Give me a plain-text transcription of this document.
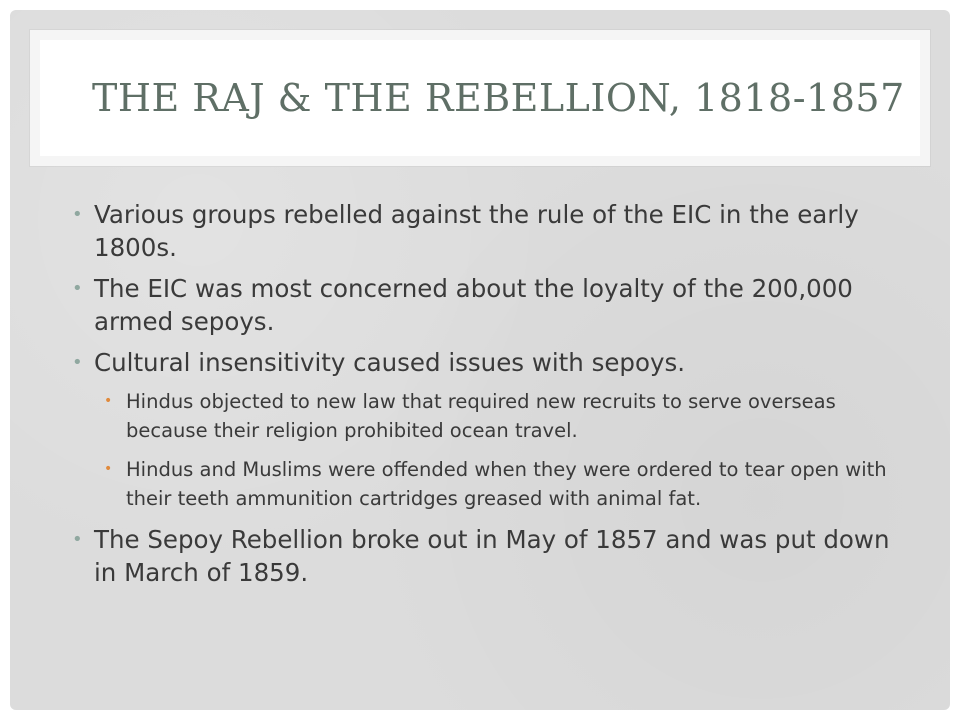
THE RAJ & THE REBELLION, 1818-1857
• Various groups rebelled against the rule of the EIC in the early 1800s.
• The EIC was most concerned about the loyalty of the 200,000 armed sepoys.
• Cultural insensitivity caused issues with sepoys.
• Hindus objected to new law that required new recruits to serve overseas because their religion prohibited ocean travel.
• Hindus and Muslims were offended when they were ordered to tear open with their teeth ammunition cartridges greased with animal fat.
• The Sepoy Rebellion broke out in May of 1857 and was put down in March of 1859.
